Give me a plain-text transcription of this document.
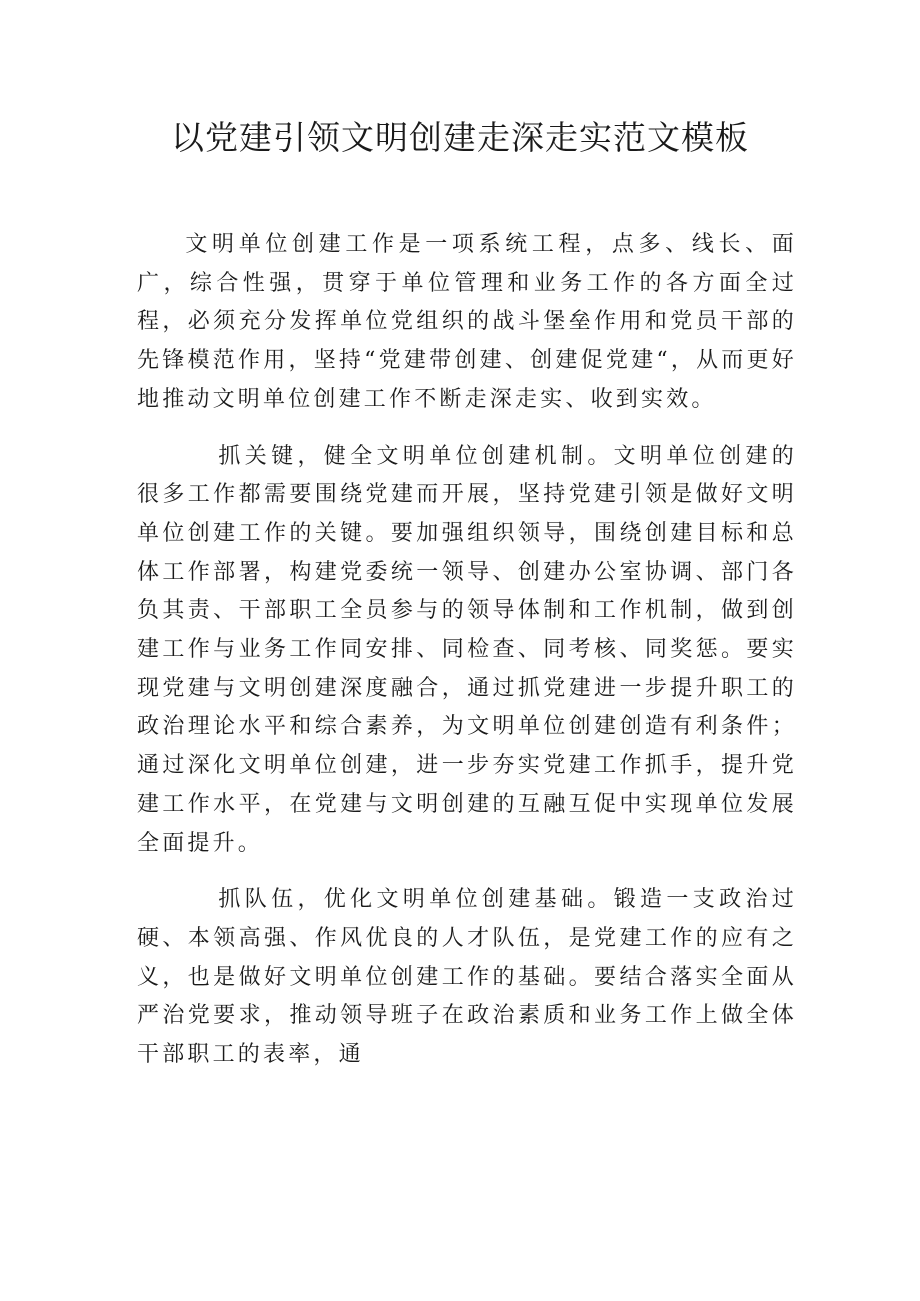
以党建引领文明创建走深走实范文模板

文明单位创建工作是一项系统工程，点多、线长、面广，综合性强，贯穿于单位管理和业务工作的各方面全过程，必须充分发挥单位党组织的战斗堡垒作用和党员干部的先锋模范作用，坚持“党建带创建、创建促党建“，从而更好地推动文明单位创建工作不断走深走实、收到实效。

抓关键，健全文明单位创建机制。文明单位创建的很多工作都需要围绕党建而开展，坚持党建引领是做好文明单位创建工作的关键。要加强组织领导，围绕创建目标和总体工作部署，构建党委统一领导、创建办公室协调、部门各负其责、干部职工全员参与的领导体制和工作机制，做到创建工作与业务工作同安排、同检查、同考核、同奖惩。要实现党建与文明创建深度融合，通过抓党建进一步提升职工的政治理论水平和综合素养，为文明单位创建创造有利条件；通过深化文明单位创建，进一步夯实党建工作抓手，提升党建工作水平，在党建与文明创建的互融互促中实现单位发展全面提升。

抓队伍，优化文明单位创建基础。锻造一支政治过硬、本领高强、作风优良的人才队伍，是党建工作的应有之义，也是做好文明单位创建工作的基础。要结合落实全面从严治党要求，推动领导班子在政治素质和业务工作上做全体干部职工的表率，通
